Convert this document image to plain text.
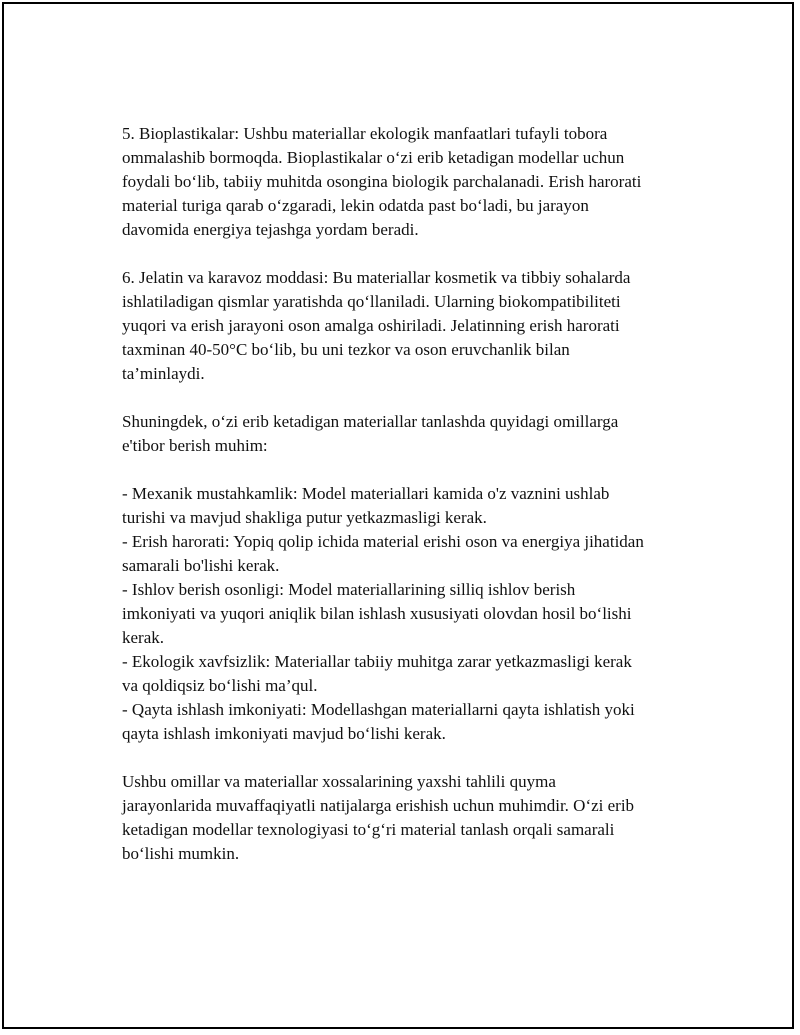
5. Bioplastikalar: Ushbu materiallar ekologik manfaatlari tufayli tobora
ommalashib bormoqda. Bioplastikalar o‘zi erib ketadigan modellar uchun
foydali bo‘lib, tabiiy muhitda osongina biologik parchalanadi. Erish harorati
material turiga qarab o‘zgaradi, lekin odatda past bo‘ladi, bu jarayon
davomida energiya tejashga yordam beradi.

6. Jelatin va karavoz moddasi: Bu materiallar kosmetik va tibbiy sohalarda
ishlatiladigan qismlar yaratishda qo‘llaniladi. Ularning biokompatibiliteti
yuqori va erish jarayoni oson amalga oshiriladi. Jelatinning erish harorati
taxminan 40-50°C bo‘lib, bu uni tezkor va oson eruvchanlik bilan
ta’minlaydi.

Shuningdek, o‘zi erib ketadigan materiallar tanlashda quyidagi omillarga
e'tibor berish muhim:

- Mexanik mustahkamlik: Model materiallari kamida o'z vaznini ushlab
turishi va mavjud shakliga putur yetkazmasligi kerak.
- Erish harorati: Yopiq qolip ichida material erishi oson va energiya jihatidan
samarali bo'lishi kerak.
- Ishlov berish osonligi: Model materiallarining silliq ishlov berish
imkoniyati va yuqori aniqlik bilan ishlash xususiyati olovdan hosil bo‘lishi
kerak.
- Ekologik xavfsizlik: Materiallar tabiiy muhitga zarar yetkazmasligi kerak
va qoldiqsiz bo‘lishi ma’qul.
- Qayta ishlash imkoniyati: Modellashgan materiallarni qayta ishlatish yoki
qayta ishlash imkoniyati mavjud bo‘lishi kerak.

Ushbu omillar va materiallar xossalarining yaxshi tahlili quyma
jarayonlarida muvaffaqiyatli natijalarga erishish uchun muhimdir. O‘zi erib
ketadigan modellar texnologiyasi to‘g‘ri material tanlash orqali samarali
bo‘lishi mumkin.
